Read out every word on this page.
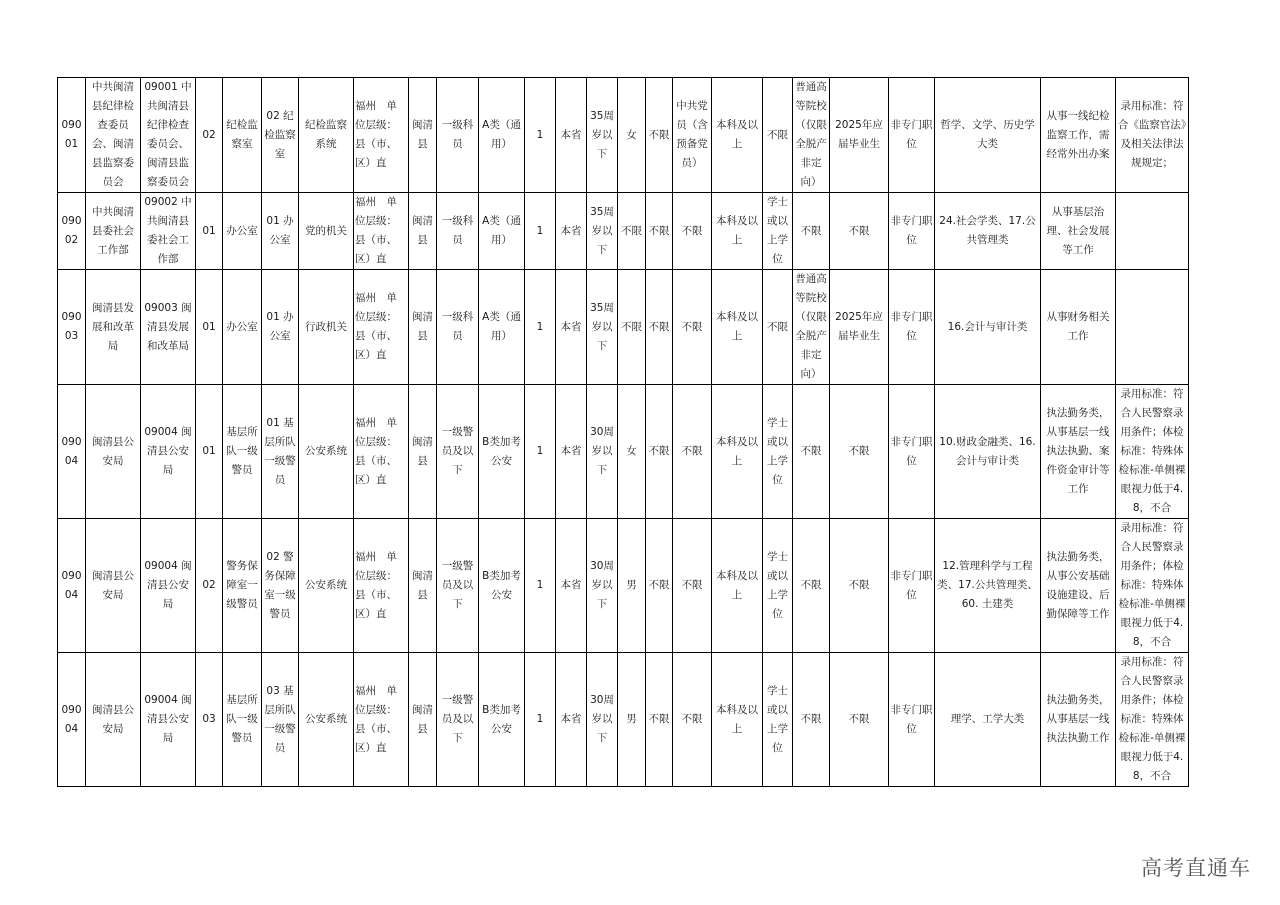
09001	中共闽清县纪律检查委员会、闽清县监察委员会	09001 中共闽清县纪律检查委员会、闽清县监察委员会	02	纪检监察室	02 纪检监察室	纪检监察系统	福州　单位层级：县（市、区）直	闽清县	一级科员	A类（通用）	1	本省	35周岁以下	女	不限	中共党员（含预备党员）	本科及以上	不限	普通高等院校（仅限全脱产非定向）	2025年应届毕业生	非专门职位	哲学、文学、历史学大类	从事一线纪检监察工作，需经常外出办案	录用标准：符合《监察官法》及相关法律法规规定；
09002	中共闽清县委社会工作部	09002 中共闽清县委社会工作部	01	办公室	01 办公室	党的机关	福州　单位层级：县（市、区）直	闽清县	一级科员	A类（通用）	1	本省	35周岁以下	不限	不限	不限	本科及以上	学士或以上学位	不限	不限	非专门职位	24.社会学类、17.公共管理类	从事基层治理、社会发展等工作	
09003	闽清县发展和改革局	09003 闽清县发展和改革局	01	办公室	01 办公室	行政机关	福州　单位层级：县（市、区）直	闽清县	一级科员	A类（通用）	1	本省	35周岁以下	不限	不限	不限	本科及以上	不限	普通高等院校（仅限全脱产非定向）	2025年应届毕业生	非专门职位	16.会计与审计类	从事财务相关工作	
09004	闽清县公安局	09004 闽清县公安局	01	基层所队一级警员	01 基层所队一级警员	公安系统	福州　单位层级：县（市、区）直	闽清县	一级警员及以下	B类加考公安	1	本省	30周岁以下	女	不限	不限	本科及以上	学士或以上学位	不限	不限	非专门职位	10.财政金融类、16.会计与审计类	执法勤务类，从事基层一线执法执勤、案件资金审计等工作	录用标准：符合人民警察录用条件；体检标准：特殊体检标准-单侧裸眼视力低于4.8，不合
09004	闽清县公安局	09004 闽清县公安局	02	警务保障室一级警员	02 警务保障室一级警员	公安系统	福州　单位层级：县（市、区）直	闽清县	一级警员及以下	B类加考公安	1	本省	30周岁以下	男	不限	不限	本科及以上	学士或以上学位	不限	不限	非专门职位	12.管理科学与工程类、17.公共管理类、60. 土建类	执法勤务类，从事公安基础设施建设、后勤保障等工作	录用标准：符合人民警察录用条件；体检标准：特殊体检标准-单侧裸眼视力低于4.8，不合
09004	闽清县公安局	09004 闽清县公安局	03	基层所队一级警员	03 基层所队一级警员	公安系统	福州　单位层级：县（市、区）直	闽清县	一级警员及以下	B类加考公安	1	本省	30周岁以下	男	不限	不限	本科及以上	学士或以上学位	不限	不限	非专门职位	理学、工学大类	执法勤务类，从事基层一线执法执勤工作	录用标准：符合人民警察录用条件；体检标准：特殊体检标准-单侧裸眼视力低于4.8，不合
高考直通车
